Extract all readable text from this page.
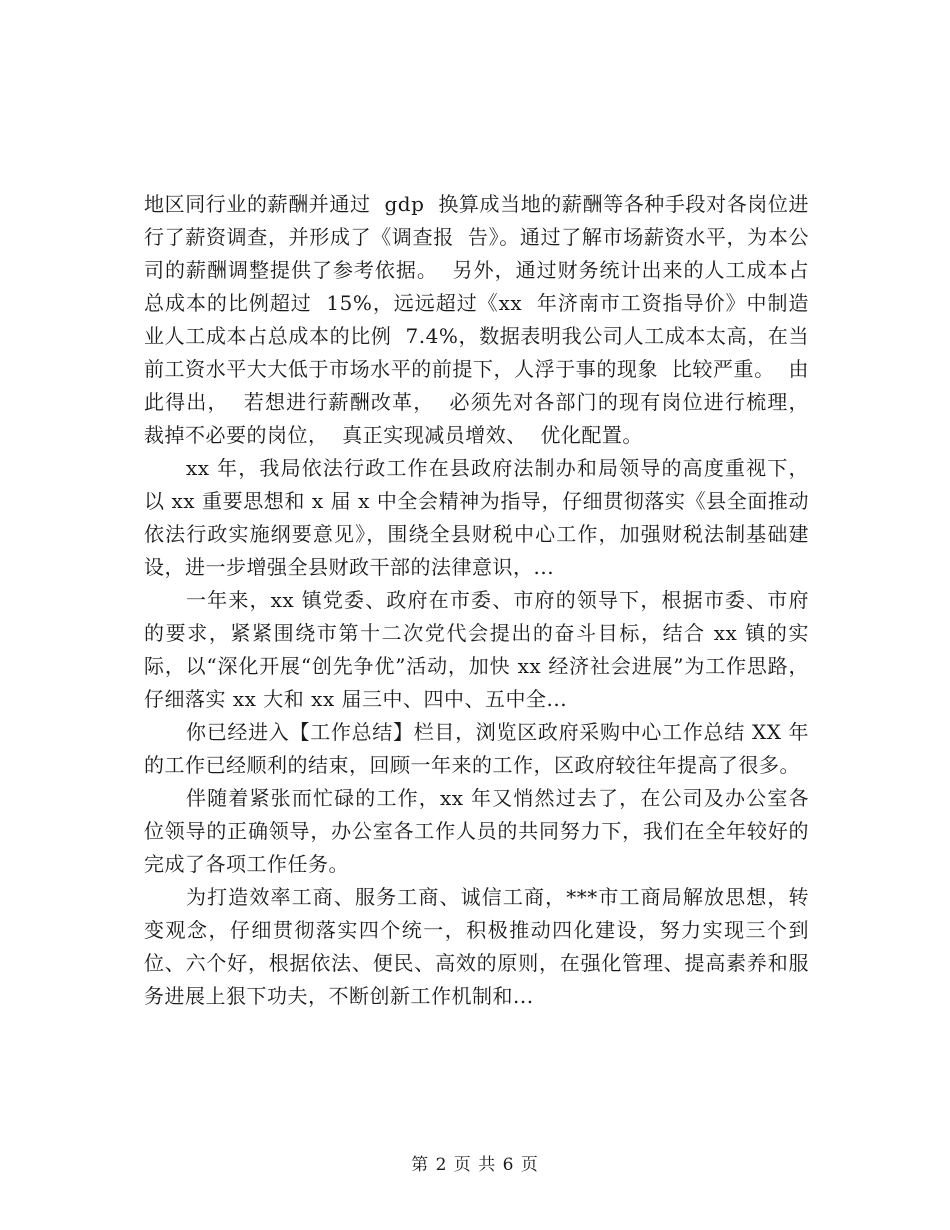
地区同行业的薪酬并通过  gdp  换算成当地的薪酬等各种手段对各岗位进行了薪资调查，并形成了《调查报  告》。通过了解市场薪资水平，为本公司的薪酬调整提供了参考依据。  另外，通过财务统计出来的人工成本占总成本的比例超过  15%，远远超过《xx  年济南市工资指导价》中制造业人工成本占总成本的比例  7.4%，数据表明我公司人工成本太高，在当前工资水平大大低于市场水平的前提下，人浮于事的现象  比较严重。  由此得出，  若想进行薪酬改革，  必须先对各部门的现有岗位进行梳理，  裁掉不必要的岗位，  真正实现减员增效、  优化配置。

xx 年，我局依法行政工作在县政府法制办和局领导的高度重视下，以 xx 重要思想和 x 届 x 中全会精神为指导，仔细贯彻落实《县全面推动依法行政实施纲要意见》，围绕全县财税中心工作，加强财税法制基础建设，进一步增强全县财政干部的法律意识，...

一年来，xx 镇党委、政府在市委、市府的领导下，根据市委、市府的要求，紧紧围绕市第十二次党代会提出的奋斗目标，结合 xx 镇的实际，以“深化开展“创先争优”活动，加快 xx 经济社会进展”为工作思路，仔细落实 xx 大和 xx 届三中、四中、五中全...

你已经进入【工作总结】栏目，浏览区政府采购中心工作总结 XX 年的工作已经顺利的结束，回顾一年来的工作，区政府较往年提高了很多。

伴随着紧张而忙碌的工作，xx 年又悄然过去了，在公司及办公室各位领导的正确领导，办公室各工作人员的共同努力下，我们在全年较好的完成了各项工作任务。

为打造效率工商、服务工商、诚信工商，***市工商局解放思想，转变观念，仔细贯彻落实四个统一，积极推动四化建设，努力实现三个到位、六个好，根据依法、便民、高效的原则，在强化管理、提高素养和服务进展上狠下功夫，不断创新工作机制和...

第 2 页 共 6 页
